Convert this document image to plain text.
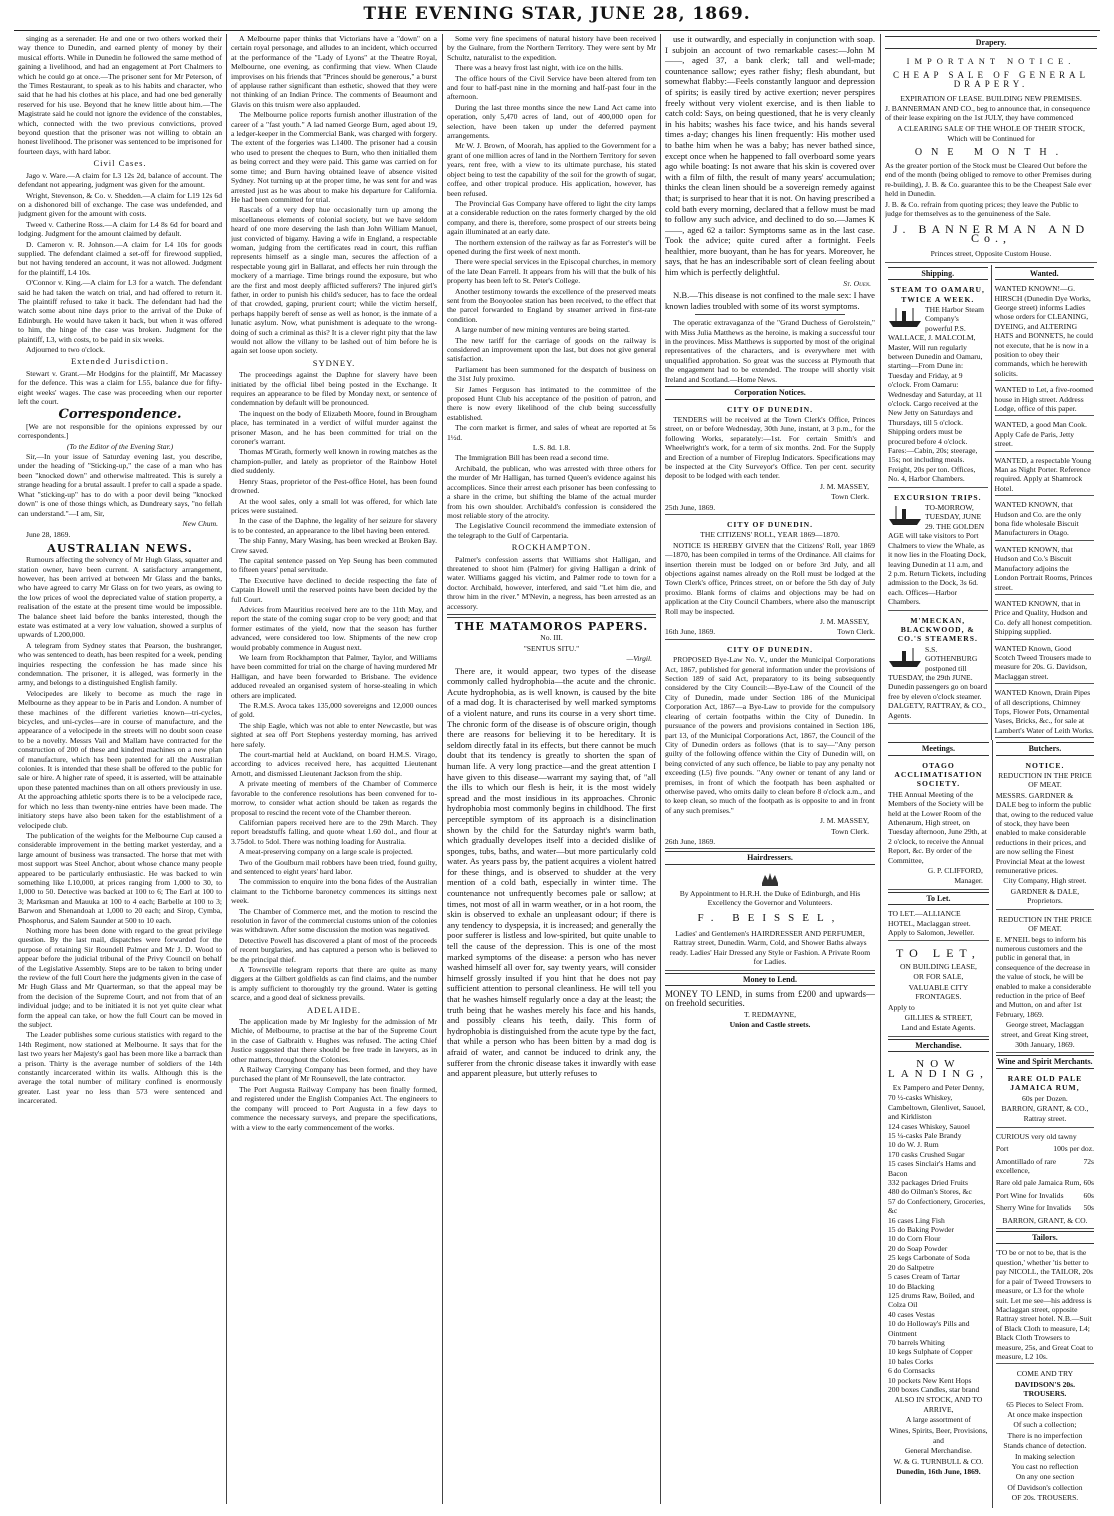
THE EVENING STAR, JUNE 28, 1869.

singing as a serenader. He and one or two others worked their way thence to Dunedin, and earned plenty of money by their musical efforts. While in Dunedin he followed the same method of gaining a livelihood, and had an engagement at Port Chalmers to which he could go at once.—The prisoner sent for Mr Peterson, of the Times Restaurant, to speak as to his habits and character, who said that he had his clothes at his place, and had one bed generally reserved for his use. Beyond that he knew little about him.—The Magistrate said he could not ignore the evidence of the constables, which, connected with the two previous convictions, proved beyond question that the prisoner was not willing to obtain an honest livelihood. The prisoner was sentenced to be imprisoned for fourteen days, with hard labor.

Civil Cases.

Jago v. Ware.—A claim for L3 12s 2d, balance of account. The defendant not appearing, judgment was given for the amount.

Wright, Stevenson, & Co. v. Shedden.—A claim for L19 12s 6d on a dishonored bill of exchange. The case was undefended, and judgment given for the amount with costs.

Tweed v. Catherine Ross.—A claim for L4 8s 6d for board and lodging. Judgment for the amount claimed by default.

D. Cameron v. R. Johnson.—A claim for L4 10s for goods supplied. The defendant claimed a set-off for firewood supplied, but not having tendered an account, it was not allowed. Judgment for the plaintiff, L4 10s.

O'Connor v. King.—A claim for L3 for a watch. The defendant said he had taken the watch on trial, and had offered to return it. The plaintiff refused to take it back. The defendant had had the watch some about nine days prior to the arrival of the Duke of Edinburgh. He would have taken it back, but when it was offered to him, the hinge of the case was broken. Judgment for the plaintiff, L3, with costs, to be paid in six weeks.

Adjourned to two o'clock.

Extended Jurisdiction.

Stewart v. Grant.—Mr Hodgins for the plaintiff, Mr Macassey for the defence. This was a claim for L55, balance due for fifty-eight weeks' wages. The case was proceeding when our reporter left the court.

Correspondence.

[We are not responsible for the opinions expressed by our correspondents.]

(To the Editor of the Evening Star.)

Sir,—In your issue of Saturday evening last, you describe, under the heading of "Sticking-up," the case of a man who has been "knocked down" and otherwise maltreated. This is surely a strange heading for a brutal assault. I prefer to call a spade a spade. What "sticking-up" has to do with a poor devil being "knocked down" is one of those things which, as Dundreary says, "no fellah can understand."—I am, Sir,

New Chum.

June 28, 1869.

AUSTRALIAN NEWS.

Rumours affecting the solvency of Mr Hugh Glass, squatter and station owner, have been current. A satisfactory arrangement, however, has been arrived at between Mr Glass and the banks, who have agreed to carry Mr Glass on for two years, as owing to the low prices of wool the depreciated value of station property, a realisation of the estate at the present time would be impossible. The balance sheet laid before the banks interested, though the estate was estimated at a very low valuation, showed a surplus of upwards of L200,000.

A telegram from Sydney states that Pearson, the bushranger, who was sentenced to death, has been respited for a week, pending inquiries respecting the confession he has made since his condemnation. The prisoner, it is alleged, was formerly in the army, and belongs to a distinguished English family.

Velocipedes are likely to become as much the rage in Melbourne as they appear to be in Paris and London. A number of these machines of the different varieties known—tri-cycles, bicycles, and uni-cycles—are in course of manufacture, and the appearance of a velocipede in the streets will no doubt soon cease to be a novelty. Messrs Vail and Mallam have contracted for the construction of 200 of these and kindred machines on a new plan of manufacture, which has been patented for all the Australian colonies. It is intended that these shall be offered to the public for sale or hire. A higher rate of speed, it is asserted, will be attainable upon these patented machines than on all others previously in use. At the approaching athletic sports there is to be a velocipede race, for which no less than twenty-nine entries have been made. The initiatory steps have also been taken for the establishment of a velocipede club.

The publication of the weights for the Melbourne Cup caused a considerable improvement in the betting market yesterday, and a large amount of business was transacted. The horse that met with most support was Steel Anchor, about whose chance many people appeared to be particularly enthusiastic. He was backed to win something like L10,000, at prices ranging from 1,000 to 30, to 1,000 to 50. Detective was backed at 100 to 6; The Earl at 100 to 3; Marksman and Mauuka at 100 to 4 each; Barbelle at 100 to 3; Barwon and Shenandoah at 1,000 to 20 each; and Sirop, Cymba, Phosphorus, and Salem Saunder at 500 to 10 each.

Nothing more has been done with regard to the great privilege question. By the last mail, dispatches were forwarded for the purpose of retaining Sir Roundell Palmer and Mr J. D. Wood to appear before the judicial tribunal of the Privy Council on behalf of the Legislative Assembly. Steps are to be taken to bring under the review of the full Court here the judgments given in the case of Mr Hugh Glass and Mr Quarterman, so that the appeal may be from the decision of the Supreme Court, and not from that of an individual judge; and to be initiated it is not yet quite clear what form the appeal can take, or how the full Court can be moved in the subject.

The Leader publishes some curious statistics with regard to the 14th Regiment, now stationed at Melbourne. It says that for the last two years her Majesty's gaol has been more like a barrack than a prison. Thirty is the average number of soldiers of the 14th constantly incarcerated within its walls. Although this is the average the total number of military confined is enormously greater. Last year no less than 573 were sentenced and incarcerated.

A Melbourne paper thinks that Victorians have a "down" on a certain royal personage, and alludes to an incident, which occurred at the performance of the "Lady of Lyons" at the Theatre Royal, Melbourne, one evening, as confirming that view. When Claude improvises on his friends that "Princes should be generous," a burst of applause rather significant than esthetic, showed that they were not thinking of an Indian Prince. The comments of Beaumont and Glavis on this truism were also applauded.

The Melbourne police reports furnish another illustration of the career of a "fast youth." A lad named George Burn, aged about 19, a ledger-keeper in the Commercial Bank, was charged with forgery. The extent of the forgeries was L1400. The prisoner had a cousin who used to present the cheques to Burn, who then initialled them as being correct and they were paid. This game was carried on for some time; and Burn having obtained leave of absence visited Sydney. Not turning up at the proper time, he was sent for and was arrested just as he was about to make his departure for California. He had been committed for trial.

Rascals of a very deep hue occasionally turn up among the miscellaneous elements of colonial society, but we have seldom heard of one more deserving the lash than John William Manuel, just convicted of bigamy. Having a wife in England, a respectable woman, judging from the certificates read in court, this ruffian represents himself as a single man, secures the affection of a respectable young girl in Ballarat, and effects her ruin through the mockery of a marriage. Time brings round the exposure, but who are the first and most deeply afflicted sufferers? The injured girl's father, in order to punish his child's seducer, has to face the ordeal of that crowded, gaping, prurient court; while the victim herself, perhaps happily bereft of sense as well as honor, is the inmate of a lunatic asylum. Now, what punishment is adequate to the wrong-doing of such a criminal as this? It is a clever right pity that the law would not allow the villany to be lashed out of him before he is again set loose upon society.

SYDNEY.

The proceedings against the Daphne for slavery have been initiated by the official libel being posted in the Exchange. It requires an appearance to be filed by Monday next, or sentence of condemnation by default will be pronounced.

The inquest on the body of Elizabeth Moore, found in Brougham place, has terminated in a verdict of wilful murder against the prisoner Mason, and he has been committed for trial on the coroner's warrant.

Thomas M'Grath, formerly well known in rowing matches as the champion-puller, and lately as proprietor of the Rainbow Hotel died suddenly.

Henry Staas, proprietor of the Pest-office Hotel, has been found drowned.

At the wool sales, only a small lot was offered, for which late prices were sustained.

In the case of the Daphne, the legality of her seizure for slavery is to be contested, an appearance to the libel having been entered.

The ship Fanny, Mary Wasing, has been wrecked at Broken Bay. Crew saved.

The capital sentence passed on Yep Seung has been commuted to fifteen years' penal servitude.

The Executive have declined to decide respecting the fate of Captain Howell until the reserved points have been decided by the full Court.

Advices from Mauritius received here are to the 11th May, and report the state of the coming sugar crop to be very good; and that former estimates of the yield, now that the season has further advanced, were considered too low. Shipments of the new crop would probably commence in August next.

We learn from Rockhampton that Palmer, Taylor, and Williams have been committed for trial on the charge of having murdered Mr Halligan, and have been forwarded to Brisbane. The evidence adduced revealed an organised system of horse-stealing in which others are implicated.

The R.M.S. Avoca takes 135,000 sovereigns and 12,000 ounces of gold.

The ship Eagle, which was not able to enter Newcastle, but was sighted at sea off Port Stephens yesterday morning, has arrived here safely.

The court-martial held at Auckland, on board H.M.S. Virago, according to advices received here, has acquitted Lieutenant Arnott, and dismissed Lieutenant Jackson from the ship.

A private meeting of members of the Chamber of Commerce favorable to the conference resolutions has been convened for to-morrow, to consider what action should be taken as regards the proposal to rescind the recent vote of the Chamber thereon.

Californian papers received here are to the 29th March. They report breadstuffs falling, and quote wheat 1.60 dol., and flour at 3.75dol. to 5dol. There was nothing loading for Australia.

A meat-preserving company on a large scale is projected.

Two of the Goulburn mail robbers have been tried, found guilty, and sentenced to eight years' hard labor.

The commission to enquire into the bona fides of the Australian claimant to the Tichborne baronetcy commences its sittings next week.

The Chamber of Commerce met, and the motion to rescind the resolution in favor of the commercial customs union of the colonies was withdrawn. After some discussion the motion was negatived.

Detective Powell has discovered a plant of most of the proceeds of recent burglaries, and has captured a person who is believed to be the principal thief.

A Townsville telegram reports that there are quite as many diggers at the Gilbert goldfields as can find claims, and the number is amply sufficient to thoroughly try the ground. Water is getting scarce, and a good deal of sickness prevails.

ADELAIDE.

The application made by Mr Inglesby for the admission of Mr Michie, of Melbourne, to practise at the bar of the Supreme Court in the case of Galbraith v. Hughes was refused. The acting Chief Justice suggested that there should be free trade in lawyers, as in other matters, throughout the Colonies.

A Railway Carrying Company has been formed, and they have purchased the plant of Mr Rounsevell, the late contractor.

The Port Augusta Railway Company has been finally formed, and registered under the English Companies Act. The engineers to the company will proceed to Port Augusta in a few days to commence the necessary surveys, and prepare the specifications, with a view to the early commencement of the works.

Some very fine specimens of natural history have been received by the Gulnare, from the Northern Territory. They were sent by Mr Schultz, naturalist to the expedition.

There was a heavy frost last night, with ice on the hills.

The office hours of the Civil Service have been altered from ten and four to half-past nine in the morning and half-past four in the afternoon.

During the last three months since the new Land Act came into operation, only 5,470 acres of land, out of 400,000 open for selection, have been taken up under the deferred payment arrangements.

Mr W. J. Brown, of Moorah, has applied to the Government for a grant of one million acres of land in the Northern Territory for seven years, rent free, with a view to its ultimate purchase, his stated object being to test the capability of the soil for the growth of sugar, coffee, and other tropical produce. His application, however, has been refused.

The Provincial Gas Company have offered to light the city lamps at a considerable reduction on the rates formerly charged by the old company, and there is, therefore, some prospect of our streets being again illuminated at an early date.

The northern extension of the railway as far as Forrester's will be opened during the first week of next month.

There were special services in the Episcopal churches, in memory of the late Dean Farrell. It appears from his will that the bulk of his property has been left to St. Peter's College.

Another testimony towards the excellence of the preserved meats sent from the Booyoolee station has been received, to the effect that the parcel forwarded to England by steamer arrived in first-rate condition.

A large number of new mining ventures are being started.

The new tariff for the carriage of goods on the railway is considered an improvement upon the last, but does not give general satisfaction.

Parliament has been summoned for the despatch of business on the 31st July proximo.

Sir James Ferguson has intimated to the committee of the proposed Hunt Club his acceptance of the position of patron, and there is now every likelihood of the club being successfully established.

The corn market is firmer, and sales of wheat are reported at 5s 1½d.

L.S. 8d. 1.8.

The Immigration Bill has been read a second time.

Archibald, the publican, who was arrested with three others for the murder of Mr Halligan, has turned Queen's evidence against his accomplices. Since their arrest each prisoner has been confessing to a share in the crime, but shifting the blame of the actual murder from his own shoulder. Archibald's confession is considered the most reliable story of the atrocity.

The Legislative Council recommend the immediate extension of the telegraph to the Gulf of Carpentaria.

ROCKHAMPTON.

Palmer's confession asserts that Williams shot Halligan, and threatened to shoot him (Palmer) for giving Halligan a drink of water. Williams gagged his victim, and Palmer rode to town for a doctor. Archibald, however, interfered, and said "Let him die, and throw him in the river." M'Nevin, a negress, has been arrested as an accessory.

THE MATAMOROS PAPERS.
No. III.
"SENTUS SITU."
—Virgil.

There are, it would appear, two types of the disease commonly called hydrophobia—the acute and the chronic. Acute hydrophobia, as is well known, is caused by the bite of a mad dog. It is characterised by well marked symptoms of a violent nature, and runs its course in a very short time. The chronic form of the disease is of obscure origin, though there are reasons for believing it to be hereditary. It is seldom directly fatal in its effects, but there cannot be much doubt that its tendency is greatly to shorten the span of human life. A very long practice—and the great attention I have given to this disease—warrant my saying that, of "all the ills to which our flesh is heir, it is the most widely spread and the most insidious in its approaches. Chronic hydrophobia most commonly begins in childhood. The first perceptible symptom of its approach is a disinclination shown by the child for the Saturday night's warm bath, which gradually developes itself into a decided dislike of sponges, tubs, baths, and water—but more particularly cold water. As years pass by, the patient acquires a violent hatred for these things, and is observed to shudder at the very mention of a cold bath, especially in winter time. The countenance not unfrequently becomes pale or sallow; at times, not most of all in warm weather, or in a hot room, the skin is observed to exhale an unpleasant odour; if there is any tendency to dyspepsia, it is increased; and generally the poor sufferer is listless and low-spirited, but quite unable to tell the cause of the depression. This is one of the most marked symptoms of the disease: a person who has never washed himself all over for, say twenty years, will consider himself grossly insulted if you hint that he does not pay sufficient attention to personal cleanliness. He will tell you that he washes himself regularly once a day at the least; the truth being that he washes merely his face and his hands, and possibly cleans his teeth, daily. This form of hydrophobia is distinguished from the acute type by the fact, that while a person who has been bitten by a mad dog is afraid of water, and cannot be induced to drink any, the sufferer from the chronic disease takes it inwardly with ease and apparent pleasure, but utterly refuses to

use it outwardly, and especially in conjunction with soap. I subjoin an account of two remarkable cases:—John M——, aged 37, a bank clerk; tall and well-made; countenance sallow; eyes rather fishy; flesh abundant, but somewhat flabby:—Feels constantly languor and depression of spirits; is easily tired by active exertion; never perspires freely without very violent exercise, and is then liable to catch cold: Says, on being questioned, that he is very cleanly in his habits; washes his face twice, and his hands several times a-day; changes his linen frequently: His mother used to bathe him when he was a baby; has never bathed since, except once when he happened to fall overboard some years ago while boating: Is not aware that his skin is covered over with a film of filth, the result of many years' accumulation; thinks the clean linen should be a sovereign remedy against that; is surprised to hear that it is not. On having prescribed a cold bath every morning, declared that a fellow must be mad to follow any such advice, and declined to do so.—James K——, aged 62 a tailor: Symptoms same as in the last case. Took the advice; quite cured after a fortnight. Feels healthier, more buoyant, than he has for years. Moreover, he says, that he has an indescribable sort of clean feeling about him which is perfectly delightful.

St. Ouen.

N.B.—This disease is not confined to the male sex: I have known ladies troubled with some of its worst symptoms.

The operatic extravaganza of the "Grand Duchess of Gerolstein," with Miss Julia Matthews as the heroine, is making a successful tour in the provinces. Miss Matthews is supported by most of the original representatives of the characters, and is everywhere met with unqualified approbation. So great was the success at Plymouth that the engagement had to be extended. The troupe will shortly visit Ireland and Scotland.—Home News.

Corporation Notices.
CITY OF DUNEDIN.

TENDERS will be received at the Town Clerk's Office, Princes street, on or before Wednesday, 30th June, instant, at 3 p.m., for the following Works, separately:—1st. For certain Smith's and Wheelwright's work, for a term of six months. 2nd. For the Supply and Erection of a number of Fireplug Indicators. Specifications may be inspected at the City Surveyor's Office. Ten per cent. security deposit to be lodged with each tender.

J. M. MASSEY,
Town Clerk.
25th June, 1869.
CITY OF DUNEDIN.
THE CITIZENS' ROLL, YEAR 1869—1870.

NOTICE IS HEREBY GIVEN that the Citizens' Roll, year 1869—1870, has been compiled in terms of the Ordinance. All claims for insertion therein must be lodged on or before 3rd July, and all objections against names already on the Roll must be lodged at the Town Clerk's office, Princes street, on or before the 5th day of July proximo. Blank forms of claims and objections may be had on application at the City Council Chambers, where also the manuscript Roll may be inspected.

J. M. MASSEY,
16th June, 1869.	Town Clerk.
CITY OF DUNEDIN.

PROPOSED Bye-Law No. V., under the Municipal Corporations Act, 1867, published for general information under the provisions of Section 189 of said Act, preparatory to its being subsequently considered by the City Council:—Bye-Law of the Council of the City of Dunedin, made under Section 186 of the Municipal Corporation Act, 1867—a Bye-Law to provide for the compulsory clearing of certain footpaths within the City of Dunedin. In pursuance of the powers and provisions contained in Section 186, part 13, of the Municipal Corporations Act, 1867, the Council of the City of Dunedin orders as follows (that is to say—"Any person guilty of the following offence within the City of Dunedin will, on being convicted of any such offence, be liable to pay any penalty not exceeding (L5) five pounds. "Any owner or tenant of any land or premises, in front of which the footpath has been asphalted or otherwise paved, who omits daily to clean before 8 o'clock a.m., and to keep clean, so much of the footpath as is opposite to and in front of any such premises."

J. M. MASSEY,
Town Clerk.
26th June, 1869.
Hairdressers.
By Appointment to H.R.H. the Duke of Edinburgh, and His Excellency the Governor and Volunteers.
F. BEISSEL,
Ladies' and Gentlemen's HAIRDRESSER AND PERFUMER, Rattray street, Dunedin. Warm, Cold, and Shower Baths always ready. Ladies' Hair Dressed any Style or Fashion. A Private Room for Ladies.
Money to Lend.

MONEY TO LEND, in sums from £200 and upwards—on freehold securities.

T. REDMAYNE,
Union and Castle streets.
Drapery.
IMPORTANT NOTICE.
CHEAP SALE OF GENERAL DRAPERY.
EXPIRATION OF LEASE. BUILDING NEW PREMISES.

J. BANNERMAN AND CO., beg to announce that, in consequence of their lease expiring on the 1st JULY, they have commenced

A CLEARING SALE OF THE WHOLE OF THEIR STOCK,
Which will be Continued for
ONE MONTH.

As the greater portion of the Stock must be Cleared Out before the end of the month (being obliged to remove to other Premises during re-building), J. B. & Co. guarantee this to be the Cheapest Sale ever held in Dunedin.

J. B. & Co. refrain from quoting prices; they leave the Public to judge for themselves as to the genuineness of the Sale.

J. BANNERMAN AND Co.,
Princes street, Opposite Custom House.
Shipping.
STEAM TO OAMARU, TWICE A WEEK.

THE Harbor Steam Company's powerful P.S. WALLACE, J. MALCOLM, Master, Will run regularly between Dunedin and Oamaru, starting—From Dune in: Tuesday and Friday, at 9 o'clock. From Oamaru: Wednesday and Saturday, at 11 o'clock. Cargo received at the New Jetty on Saturdays and Thursdays, till 5 o'clock. Shipping orders must be procured before 4 o'clock. Fares:—Cabin, 20s; steerage, 15s; not including meals. Freight, 20s per ton. Offices, No. 4, Harbor Chambers.

EXCURSION TRIPS.

TO-MORROW, TUESDAY, JUNE 29. THE GOLDEN AGE will take visitors to Port Chalmers to view the Whale, as it now lies in the Floating Dock, leaving Dunedin at 11 a.m, and 2 p.m. Return Tickets, including admission to the Dock, 3s 6d. each. Offices—Harbor Chambers.

M'MECKAN, BLACKWOOD, & CO.'S STEAMERS.

S.S. GOTHENBURG postponed till TUESDAY, the 29th JUNE. Dunedin passengers go on board free by eleven o'clock steamer. DALGETY, RATTRAY, & CO., Agents.

Wanted.
WANTED KNOWN!—G. HIRSCH (Dunedin Dye Works, George street) informs Ladies whose orders for CLEANING, DYEING, and ALTERING HATS and BONNETS, he could not execute, that he is now in a position to obey their commands, which he herewith solicits.
WANTED to Let, a five-roomed house in High street. Address Lodge, office of this paper.
WANTED, a good Man Cook. Apply Cafe de Paris, Jetty street.
WANTED, a respectable Young Man as Night Porter. Reference required. Apply at Shamrock Hotel.
WANTED KNOWN, that Hudson and Co. are the only bona fide wholesale Biscuit Manufacturers in Otago.
WANTED KNOWN, that Hudson and Co.'s Biscuit Manufactory adjoins the London Portrait Rooms, Princes street.
WANTED KNOWN, that in Price and Quality, Hudson and Co. defy all honest competition. Shipping supplied.
WANTED Known, Good Scotch Tweed Trousers made to measure for 20s. G. Davidson, Maclaggan street.
WANTED Known, Drain Pipes of all descriptions, Chimney Tops, Flower Pots, Ornamental Vases, Bricks, &c., for sale at Lambert's Water of Leith Works.
Meetings.
OTAGO ACCLIMATISATION SOCIETY.

THE Annual Meeting of the Members of the Society will be held at the Lower Room of the Athenæum, High street, on Tuesday afternoon, June 29th, at 2 o'clock, to receive the Annual Report, &c. By order of the Committee,

G. P. CLIFFORD,
Manager.
To Let.
TO LET.—ALLIANCE HOTEL, Maclaggan street. Apply to Salomon, Jeweller.
TO LET,
ON BUILDING LEASE,
OR FOR SALE,
VALUABLE CITY FRONTAGES.
Apply to
GILLIES & STREET,
Land and Estate Agents.
Merchandise.
NOW LANDING,
Ex Pampero and Peter Denny,

70 ½-casks Whiskey, Cambeltown, Glenlivet, Sauoel, and Kirkliston

124 cases Whiskey, Sauoel

15 ¼-casks Pale Brandy

10 do W. J. Rum

170 casks Crushed Sugar

15 cases Sinclair's Hams and Bacon

332 packages Dried Fruits

480 do Oilman's Stores, &c

57 do Confectionery, Groceries, &c

16 cases Ling Fish

15 do Baking Powder

10 do Corn Flour

20 do Soap Powder

25 kegs Carbonate of Soda

20 do Saltpetre

5 cases Cream of Tartar

10 do Blacking

125 drums Raw, Boiled, and Colza Oil

40 cases Vestas

10 do Holloway's Pills and Ointment

70 barrels Whiting

10 kegs Sulphate of Copper

10 bales Corks

6 do Cornsacks

10 pockets New Kent Hops

200 boxes Candles, star brand

ALSO IN STOCK, AND TO ARRIVE,
A large assortment of
Wines, Spirits, Beer, Provisions,
and
General Merchandise.
W. & G. TURNBULL & CO.
Dunedin, 16th June, 1869.
Butchers.
NOTICE.
REDUCTION IN THE PRICE OF MEAT.

MESSRS. GARDNER & DALE beg to inform the public that, owing to the reduced value of stock, they have been enabled to make considerable reductions in their prices, and are now selling the Finest Provincial Meat at the lowest remunerative prices.

City Company, High street.
GARDNER & DALE, Proprietors.
REDUCTION IN THE PRICE OF MEAT.

E. M'NEIL begs to inform his numerous customers and the public in general that, in consequence of the decrease in the value of stock, he will be enabled to make a considerable reduction in the price of Beef and Mutton, on and after 1st February, 1869.

George street, Maclaggan street, and Great King street,
30th January, 1869.
Wine and Spirit Merchants.
RARE OLD PALE JAMAICA RUM,
60s per Dozen.
BARRON, GRANT, & CO.,
Rattray street.
CURIOUS very old tawny
Port	100s per doz.
Amontillado of rare excellence,
72s
Rare old pale Jamaica Rum, 60s
Port Wine for Invalids	60s
Sherry Wine for Invalids 50s
BARRON, GRANT, & CO.
Tailors.
'TO be or not to be, that is the question,' whether 'tis better to pay NICOLL, the TAILOR, 20s for a pair of Tweed Trowsers to measure, or L3 for the whole suit. Let me see—his address is Maclaggan street, opposite Rattray street hotel. N.B.—Suit of Black Cloth to measure, L4; Black Cloth Trowsers to measure, 25s, and Great Coat to measure, L2 10s.
COME AND TRY
DAVIDSON'S 20s. TROUSERS.
65 Pieces to Select From.
At once make inspection
Of such a collection;
There is no imperfection
Stands chance of detection.
In making selection
You cast no reflection
On any one section
Of Davidson's collection
OF 20s. TROUSERS.
